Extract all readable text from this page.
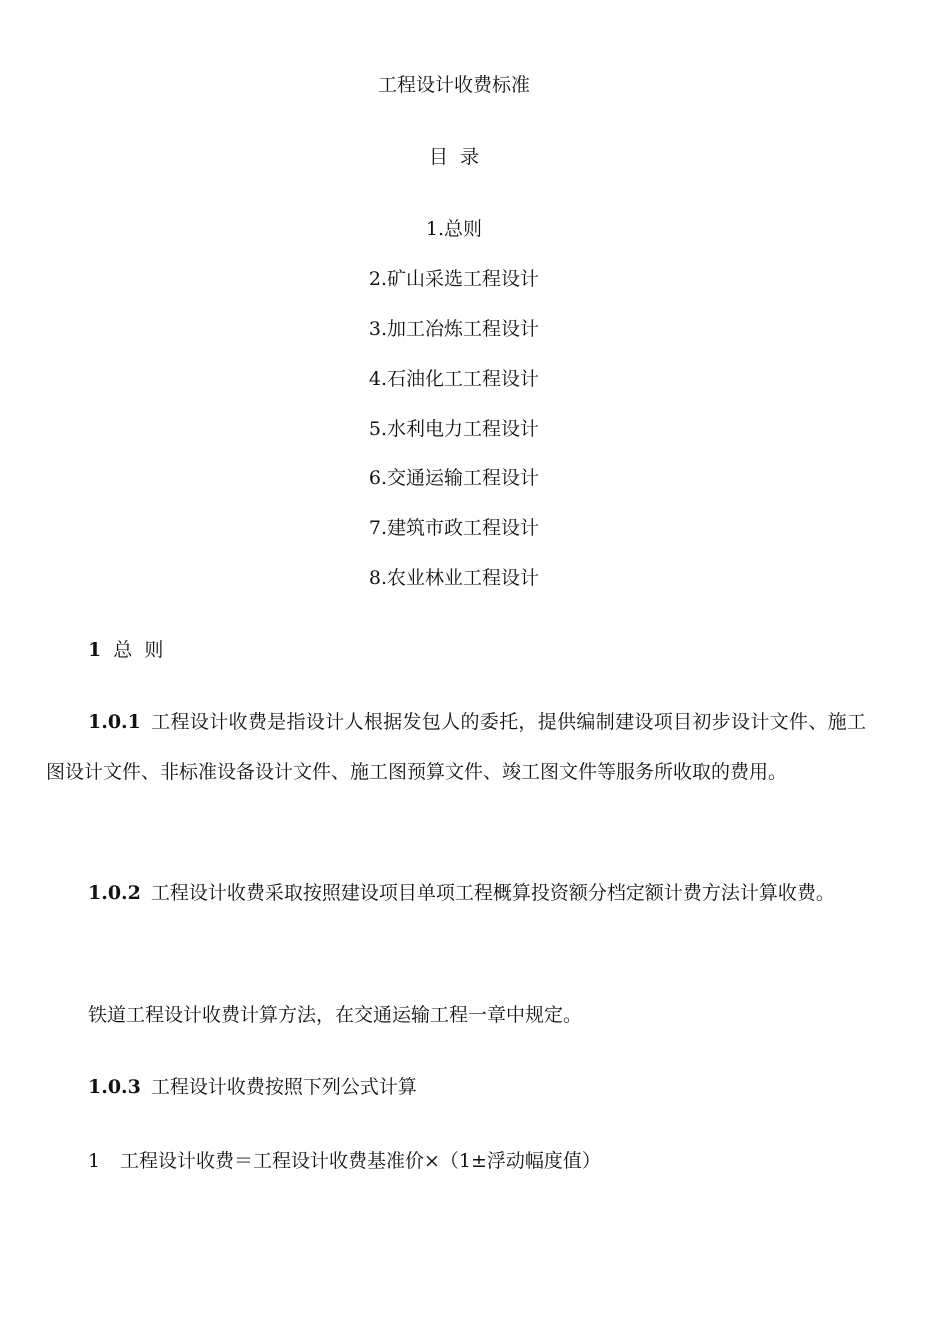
工程设计收费标准
目  录
1.总则
2.矿山采选工程设计
3.加工冶炼工程设计
4.石油化工工程设计
5.水利电力工程设计
6.交通运输工程设计
7.建筑市政工程设计
8.农业林业工程设计
1 总  则
1.0.1 工程设计收费是指设计人根据发包人的委托，提供编制建设项目初步设计文件、施工图设计文件、非标准设备设计文件、施工图预算文件、竣工图文件等服务所收取的费用。
1.0.2 工程设计收费采取按照建设项目单项工程概算投资额分档定额计费方法计算收费。
铁道工程设计收费计算方法，在交通运输工程一章中规定。
1.0.3 工程设计收费按照下列公式计算
1 工程设计收费＝工程设计收费基准价×（1±浮动幅度值）
